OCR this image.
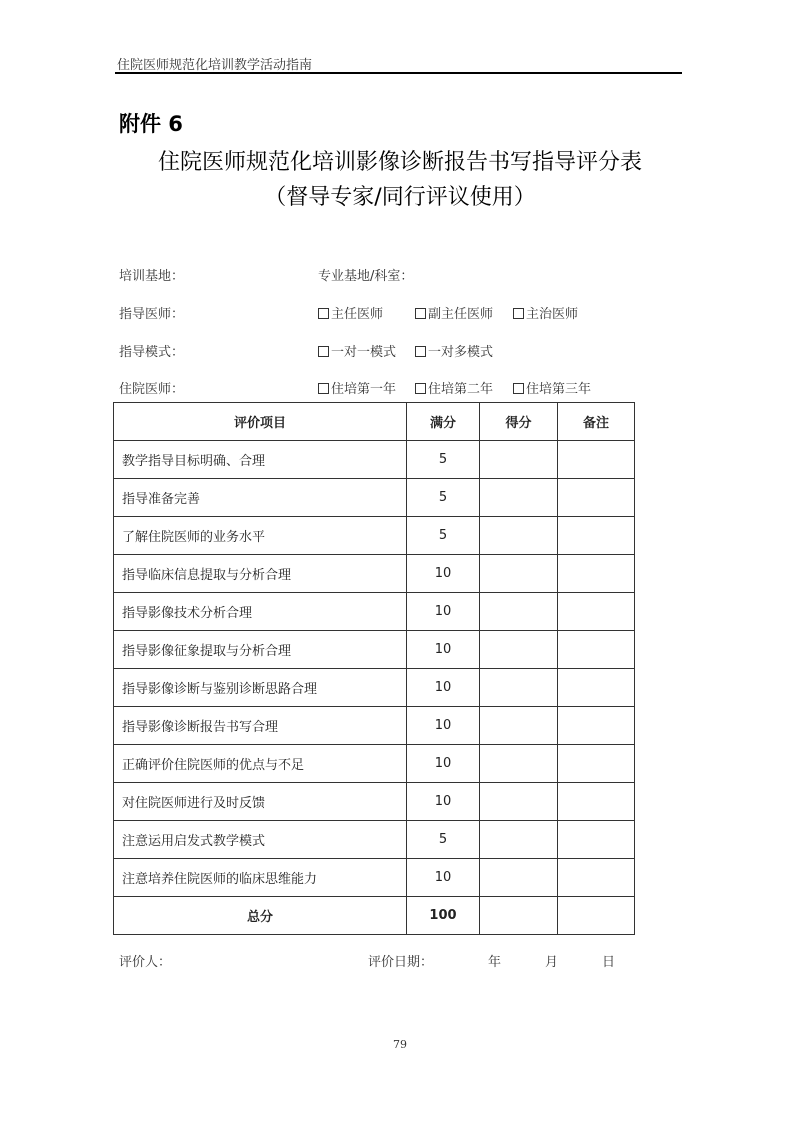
住院医师规范化培训教学活动指南
附件 6
住院医师规范化培训影像诊断报告书写指导评分表
（督导专家/同行评议使用）
培训基地：	专业基地/科室：
指导医师：	主任医师	副主任医师	主治医师
指导模式：	一对一模式	一对多模式
住院医师：	住培第一年	住培第二年	住培第三年
评价项目	满分	得分	备注
教学指导目标明确、合理	5		
指导准备完善	5		
了解住院医师的业务水平	5		
指导临床信息提取与分析合理	10		
指导影像技术分析合理	10		
指导影像征象提取与分析合理	10		
指导影像诊断与鉴别诊断思路合理	10		
指导影像诊断报告书写合理	10		
正确评价住院医师的优点与不足	10		
对住院医师进行及时反馈	10		
注意运用启发式教学模式	5		
注意培养住院医师的临床思维能力	10		
总分	100		
评价人：	评价日期：	年	月	日
79
